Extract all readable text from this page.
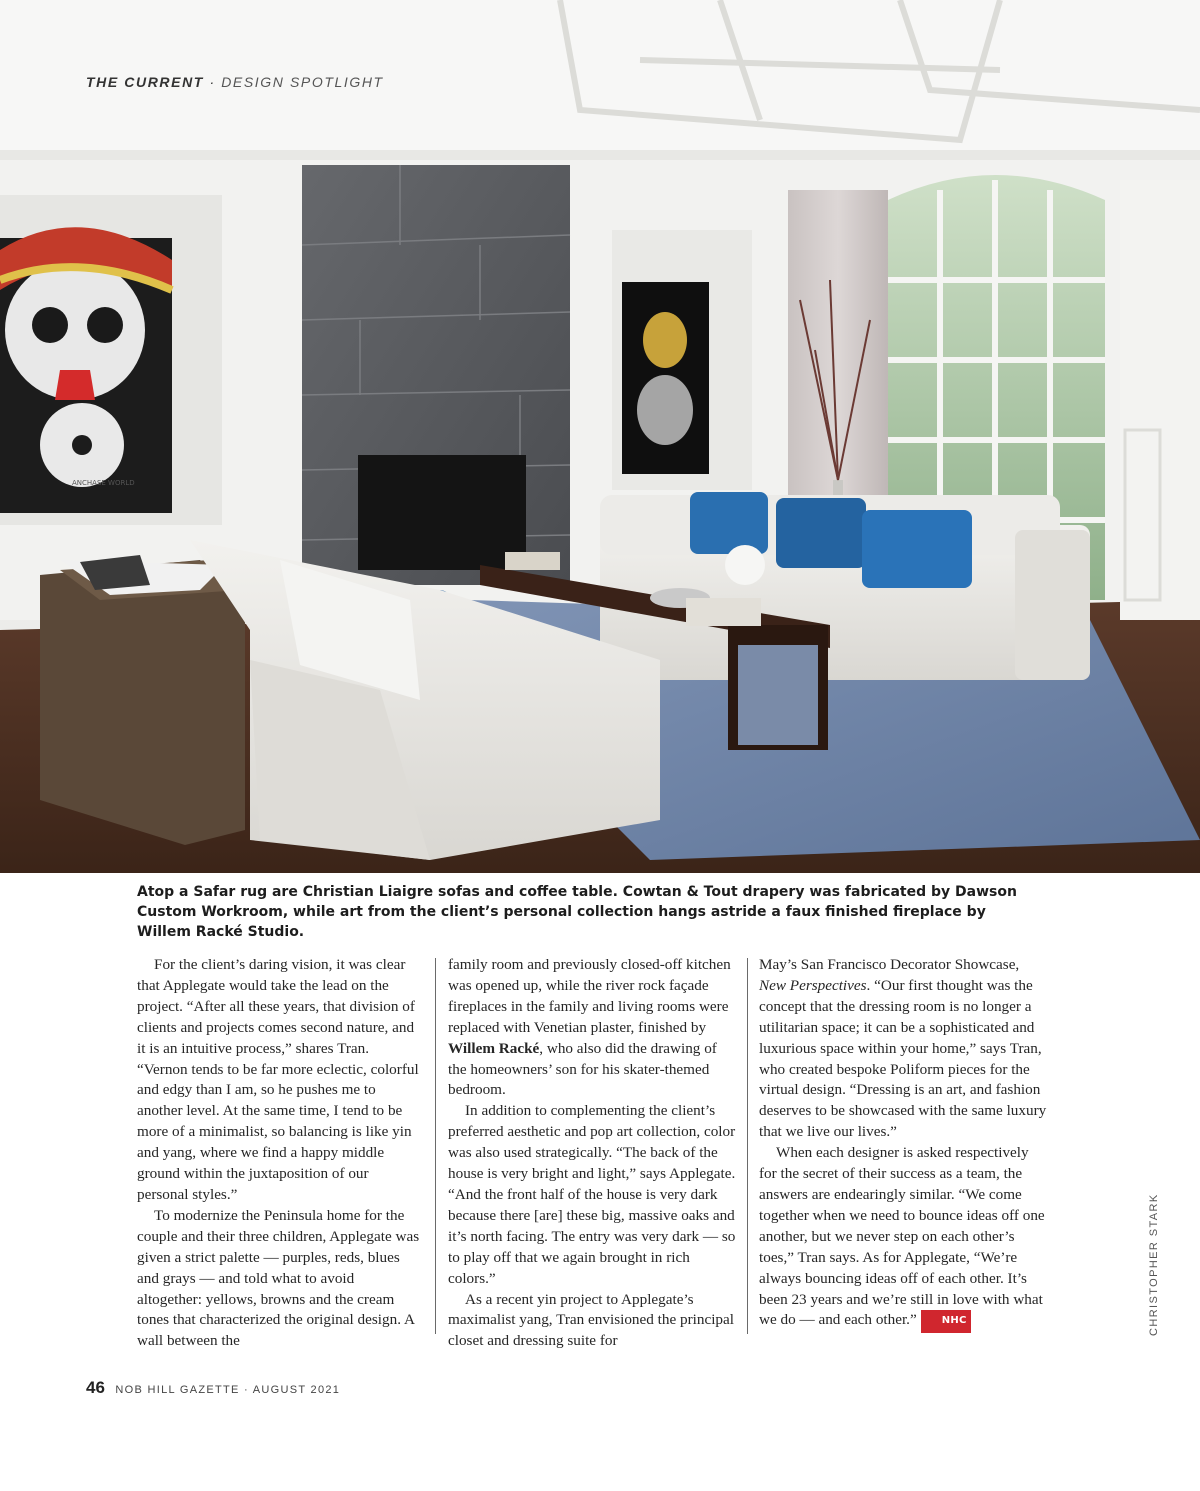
ANCHASE WORLD
THE CURRENT · DESIGN SPOTLIGHT
Atop a Safar rug are Christian Liaigre sofas and coffee table. Cowtan & Tout drapery was fabricated by Dawson Custom Workroom, while art from the client’s personal collection hangs astride a faux finished fireplace by Willem Racké Studio.

For the client’s daring vision, it was clear that Applegate would take the lead on the project. “After all these years, that division of clients and projects comes second nature, and it is an intuitive process,” shares Tran. “Vernon tends to be far more eclectic, colorful and edgy than I am, so he pushes me to another level. At the same time, I tend to be more of a minimalist, so balancing is like yin and yang, where we find a happy middle ground within the juxtaposition of our personal styles.”

To modernize the Peninsula home for the couple and their three children, Applegate was given a strict palette — purples, reds, blues and grays — and told what to avoid altogether: yellows, browns and the cream tones that characterized the original design. A wall between the

family room and previously closed-off kitchen was opened up, while the river rock façade fireplaces in the family and living rooms were replaced with Venetian plaster, finished by Willem Racké, who also did the drawing of the homeowners’ son for his skater-themed bedroom.

In addition to complementing the client’s preferred aesthetic and pop art collection, color was also used strategically. “The back of the house is very bright and light,” says Applegate. “And the front half of the house is very dark because there [are] these big, massive oaks and it’s north facing. The entry was very dark — so to play off that we again brought in rich colors.”

As a recent yin project to Applegate’s maximalist yang, Tran envisioned the principal closet and dressing suite for

May’s San Francisco Decorator Showcase, New Perspectives. “Our first thought was the concept that the dressing room is no longer a utilitarian space; it can be a sophisticated and luxurious space within your home,” says Tran, who created bespoke Poliform pieces for the virtual design. “Dressing is an art, and fashion deserves to be showcased with the same luxury that we live our lives.”

When each designer is asked respectively for the secret of their success as a team, the answers are endearingly similar. “We come together when we need to bounce ideas off one another, but we never step on each other’s toes,” Tran says. As for Applegate, “We’re always bouncing ideas off of each other. It’s been 23 years and we’re still in love with what we do — and each other.”	NHC	CHRISTOPHER STARK
46 NOB HILL GAZETTE · AUGUST 2021
